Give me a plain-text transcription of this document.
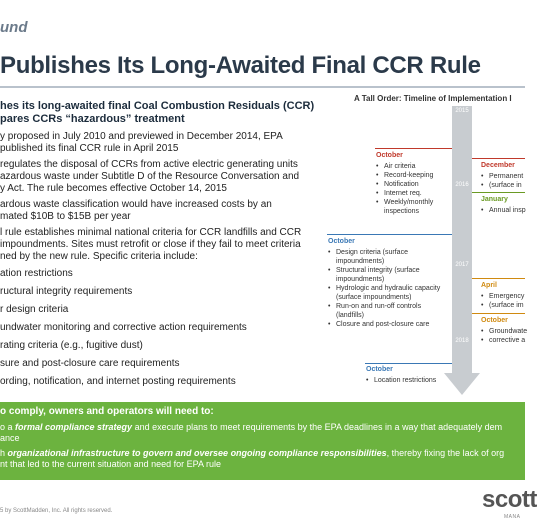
und
Publishes Its Long-Awaited Final CCR Rule
hes its long-awaited final Coal Combustion Residuals (CCR)
pares CCRs “hazardous” treatment
y proposed in July 2010 and previewed in December 2014, EPA
published its final CCR rule in April 2015
regulates the disposal of CCRs from active electric generating units
azardous waste under Subtitle D of the Resource Conversation and
y Act. The rule becomes effective October 14, 2015
ardous waste classification would have increased costs by an
mated $10B to $15B per year
l rule establishes minimal national criteria for CCR landfills and CCR
impoundments. Sites must retrofit or close if they fail to meet criteria
ned by the new rule. Specific criteria include:
ation restrictions
ructural integrity requirements
r design criteria
undwater monitoring and corrective action requirements
rating criteria (e.g., fugitive dust)
sure and post-closure care requirements
ording, notification, and internet posting requirements
A Tall Order: Timeline of Implementation I
2015
2016
2017
2018
October
• Air criteria
• Record-keeping
• Notification
• Internet req.
• Weekly/monthly inspections
December
• Permanent
• (surface in
January
• Annual insp
October
• Design criteria (surface impoundments)
• Structural integrity (surface impoundments)
• Hydrologic and hydraulic capacity (surface impoundments)
• Run-on and run-off controls (landfills)
• Closure and post-closure care
April
• Emergency
• (surface im
October
• Groundwate
• corrective a
October
• Location restrictions
o comply, owners and operators will need to:
o a formal compliance strategy and execute plans to meet requirements by the EPA deadlines in a way that adequately dem
ance
h organizational infrastructure to govern and oversee ongoing compliance responsibilities, thereby fixing the lack of org
nt that led to the current situation and need for EPA rule
5 by ScottMadden, Inc. All rights reserved.	scott
MANA
